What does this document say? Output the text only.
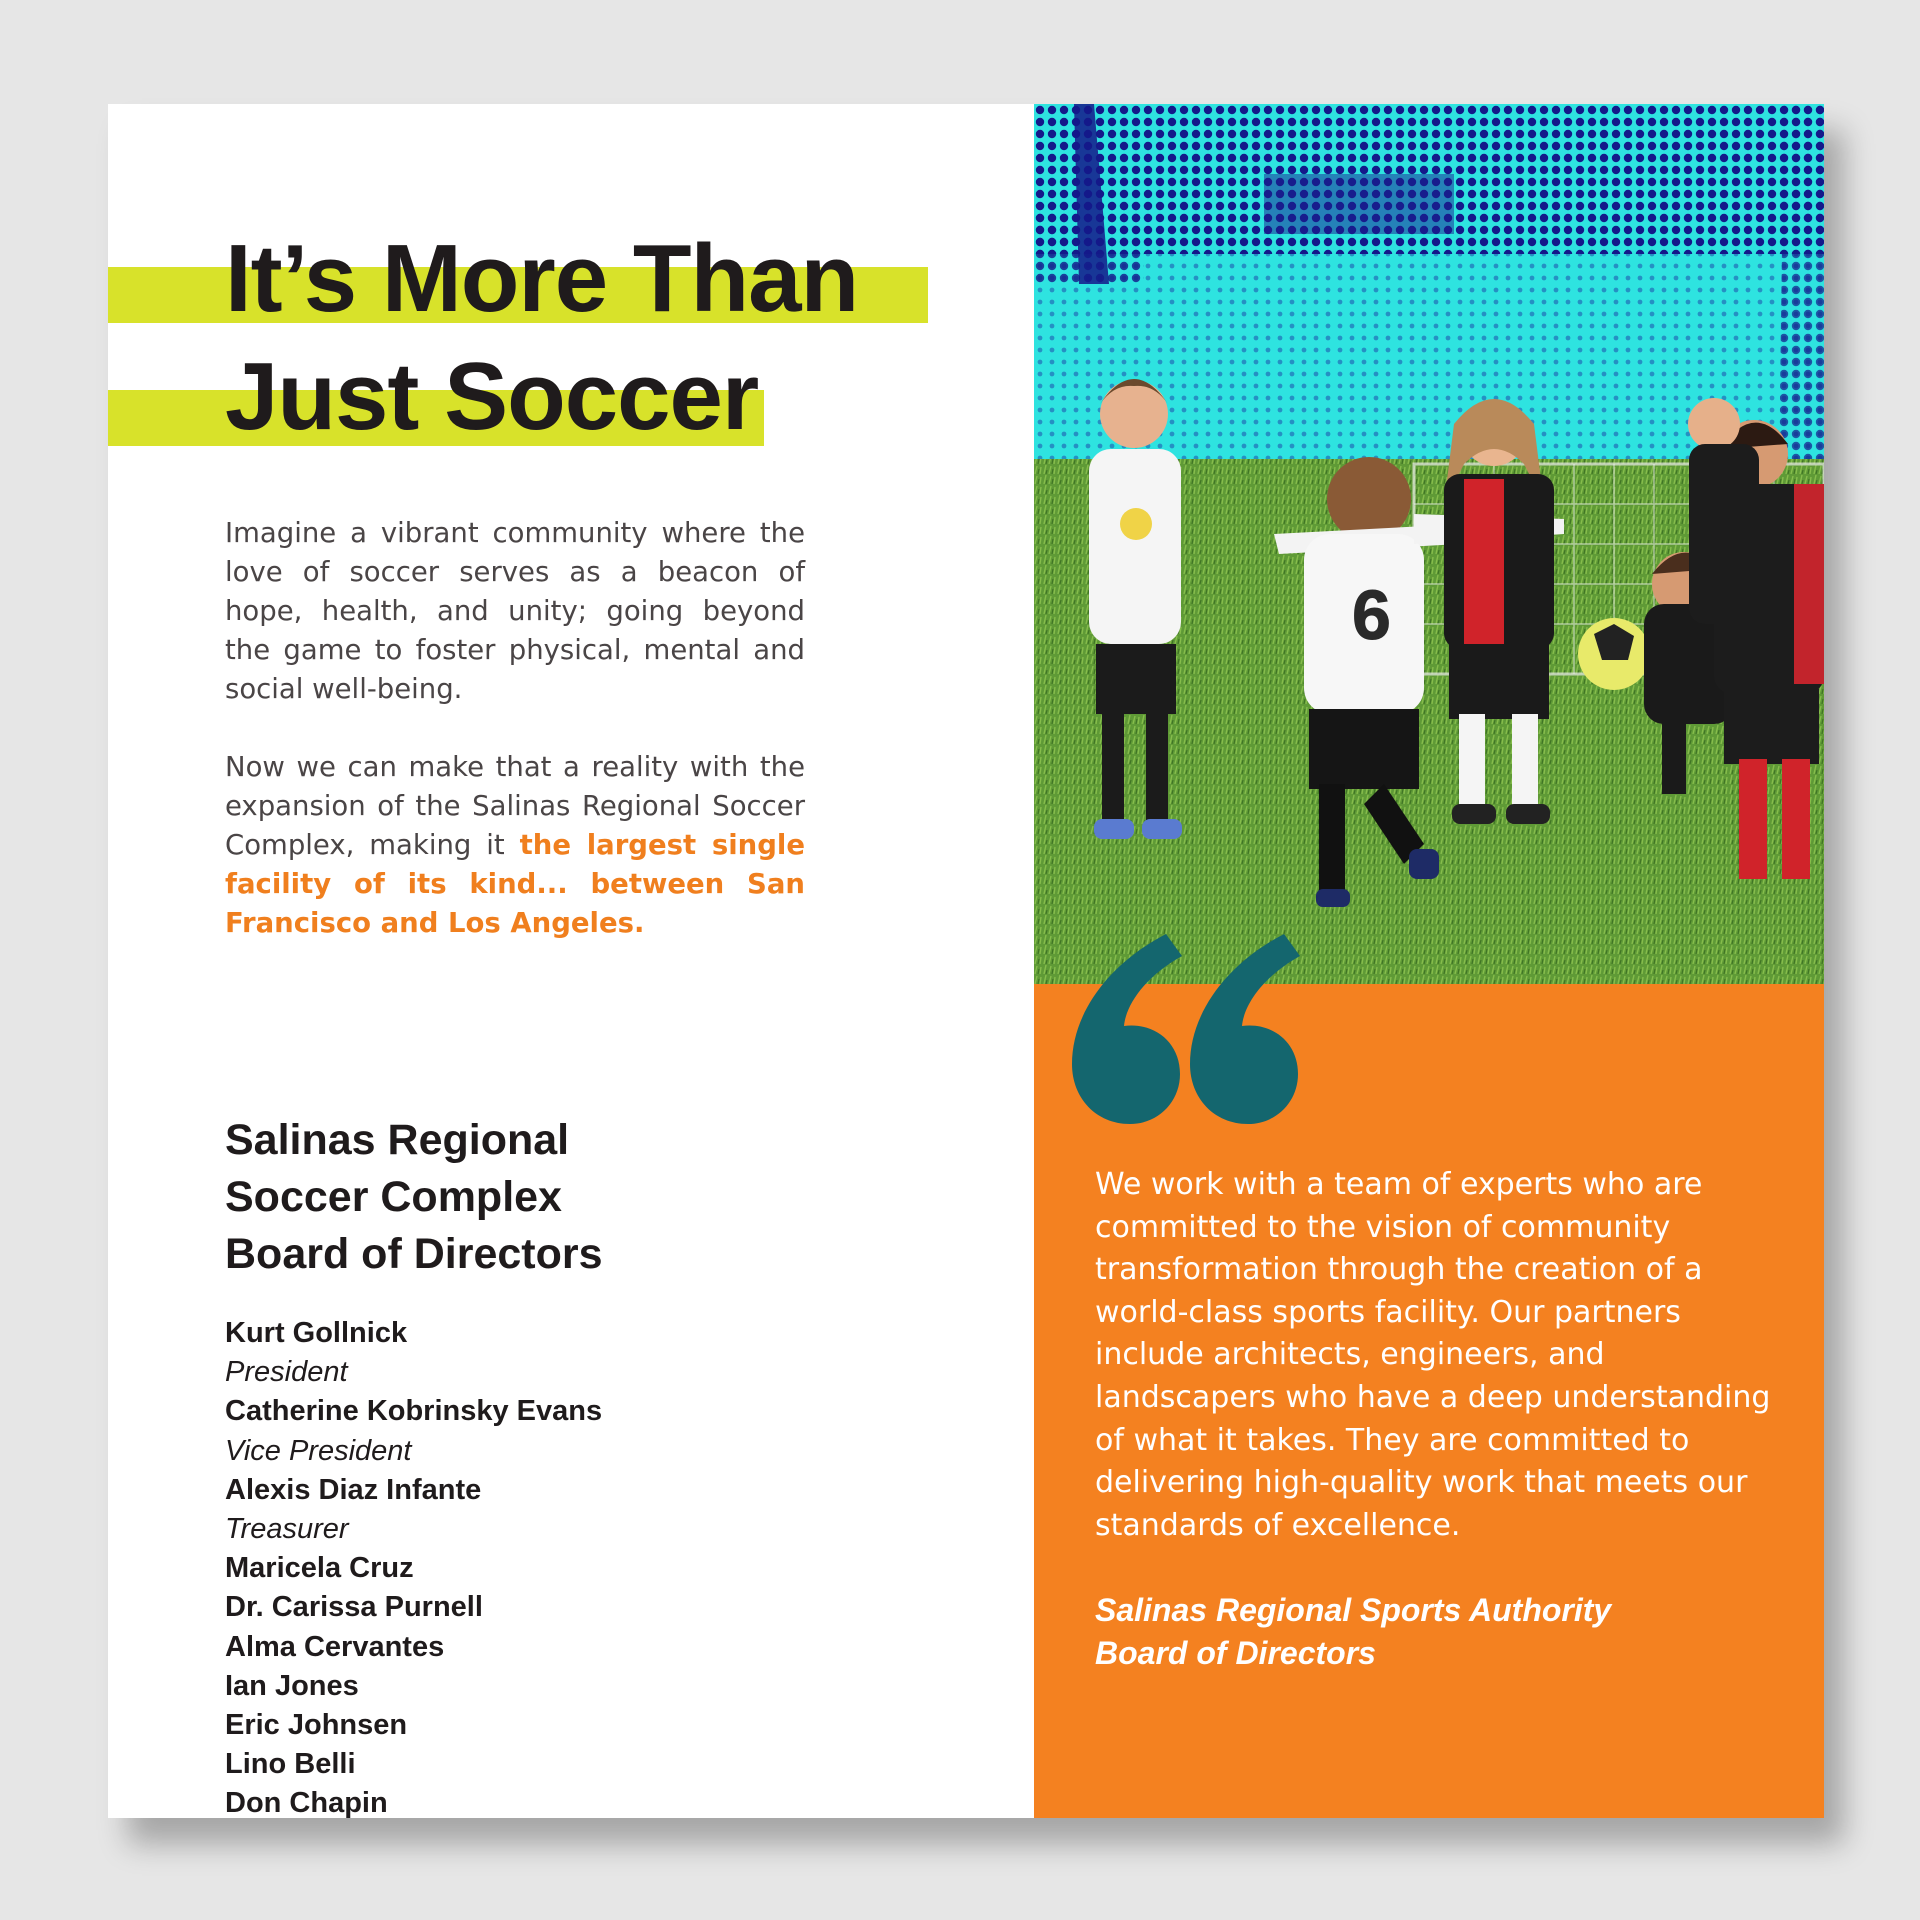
It’s More Than
Just Soccer

Imagine a vibrant community where the love of soccer serves as a beacon of hope, health, and unity; going beyond the game to foster physical, mental and social well-being.

Now we can make that a reality with the expansion of the Salinas Regional Soccer Complex, making it the largest single facility of its kind... between San Francisco and Los Angeles.

Salinas Regional
Soccer Complex
Board of Directors
Kurt Gollnick
President
Catherine Kobrinsky Evans
Vice President
Alexis Diaz Infante
Treasurer
Maricela Cruz
Dr. Carissa Purnell
Alma Cervantes
Ian Jones
Eric Johnsen
Lino Belli
Don Chapin
6

We work with a team of experts who are committed to the vision of community transformation through the creation of a world-class sports facility. Our partners include architects, engineers, and landscapers who have a deep understanding of what it takes. They are committed to delivering high-quality work that meets our standards of excellence.

Salinas Regional Sports Authority
Board of Directors
